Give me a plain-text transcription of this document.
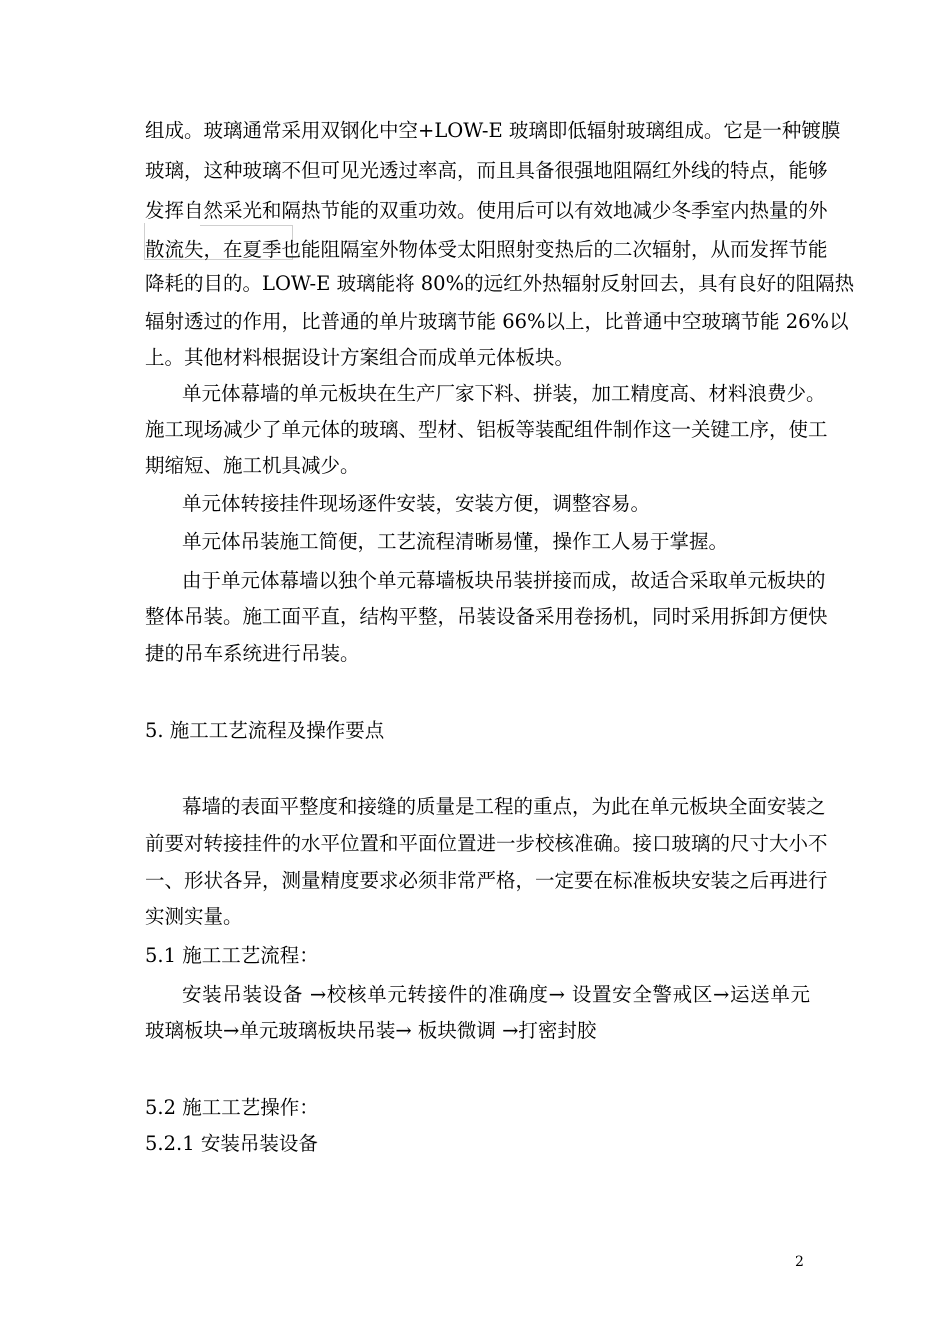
组成。玻璃通常采用双钢化中空+LOW-E 玻璃即低辐射玻璃组成。它是一种镀膜
玻璃，这种玻璃不但可见光透过率高，而且具备很强地阻隔红外线的特点，能够
发挥自然采光和隔热节能的双重功效。使用后可以有效地减少冬季室内热量的外
散流失，在夏季也能阻隔室外物体受太阳照射变热后的二次辐射，从而发挥节能
降耗的目的。LOW-E 玻璃能将 80%的远红外热辐射反射回去，具有良好的阻隔热
辐射透过的作用，比普通的单片玻璃节能 66%以上，比普通中空玻璃节能 26%以
上。其他材料根据设计方案组合而成单元体板块。
单元体幕墙的单元板块在生产厂家下料、拼装，加工精度高、材料浪费少。
施工现场减少了单元体的玻璃、型材、铝板等装配组件制作这一关键工序，使工
期缩短、施工机具减少。
单元体转接挂件现场逐件安装，安装方便，调整容易。
单元体吊装施工简便，工艺流程清晰易懂，操作工人易于掌握。
由于单元体幕墙以独个单元幕墙板块吊装拼接而成，故适合采取单元板块的
整体吊装。施工面平直，结构平整，吊装设备采用卷扬机，同时采用拆卸方便快
捷的吊车系统进行吊装。
5. 施工工艺流程及操作要点
幕墙的表面平整度和接缝的质量是工程的重点，为此在单元板块全面安装之
前要对转接挂件的水平位置和平面位置进一步校核准确。接口玻璃的尺寸大小不
一、形状各异，测量精度要求必须非常严格，一定要在标准板块安装之后再进行
实测实量。
5.1 施工工艺流程：
安装吊装设备 →校核单元转接件的准确度→ 设置安全警戒区→运送单元
玻璃板块→单元玻璃板块吊装→ 板块微调 →打密封胶
5.2 施工工艺操作：
5.2.1 安装吊装设备
2
